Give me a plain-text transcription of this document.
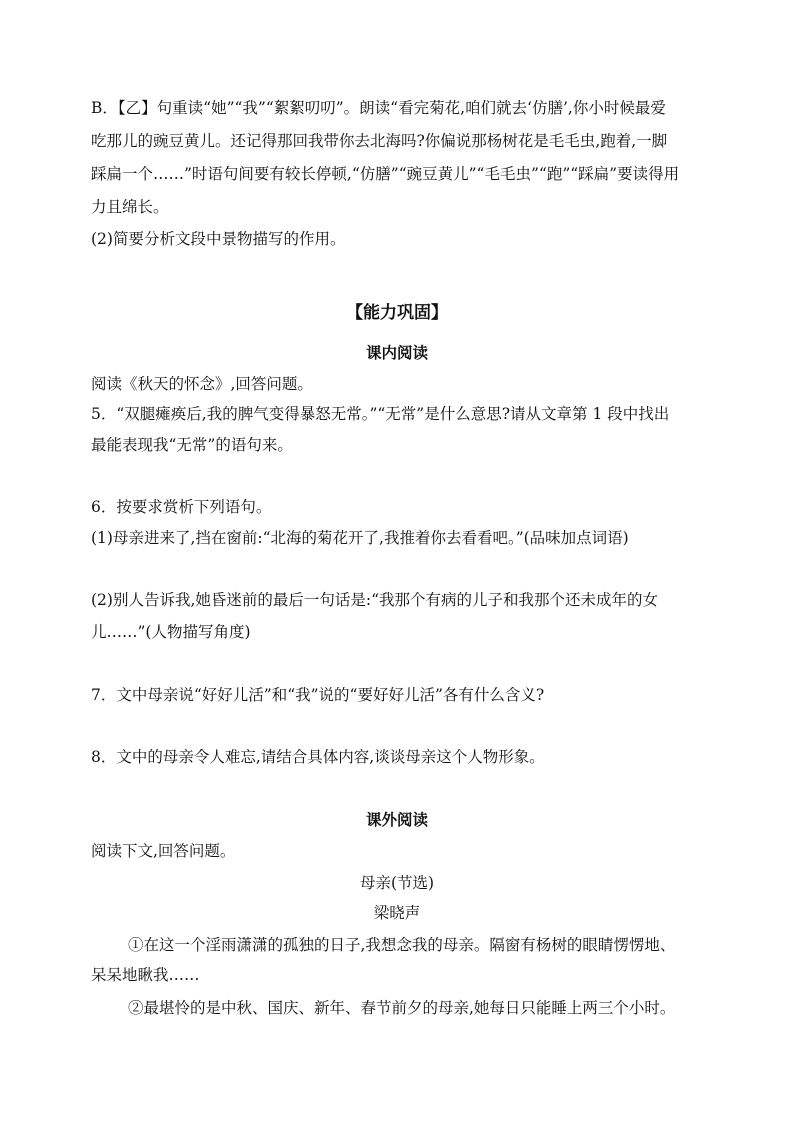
B．【乙】句重读“她”“我”“絮絮叨叨”。朗读“看完菊花,咱们就去‘仿膳’,你小时候最爱
吃那儿的豌豆黄儿。还记得那回我带你去北海吗?你偏说那杨树花是毛毛虫,跑着,一脚
踩扁一个……”时语句间要有较长停顿,“仿膳”“豌豆黄儿”“毛毛虫”“跑”“踩扁”要读得用
力且绵长。
(2)简要分析文段中景物描写的作用。
【能力巩固】
课内阅读
阅读《秋天的怀念》,回答问题。
5．“双腿瘫痪后,我的脾气变得暴怒无常。”“无常”是什么意思?请从文章第 1 段中找出
最能表现我“无常”的语句来。
6．按要求赏析下列语句。
(1)母亲进来了,挡在窗前:“北海的菊花开了,我推着你去看看吧。”(品味加点词语)
(2)别人告诉我,她昏迷前的最后一句话是:“我那个有病的儿子和我那个还未成年的女
儿……”(人物描写角度)
7．文中母亲说“好好儿活”和“我”说的“要好好儿活”各有什么含义?
8．文中的母亲令人难忘,请结合具体内容,谈谈母亲这个人物形象。
课外阅读
阅读下文,回答问题。
母亲(节选)
梁晓声
①在这一个淫雨潇潇的孤独的日子,我想念我的母亲。隔窗有杨树的眼睛愣愣地、
呆呆地瞅我……
②最堪怜的是中秋、国庆、新年、春节前夕的母亲,她每日只能睡上两三个小时。
